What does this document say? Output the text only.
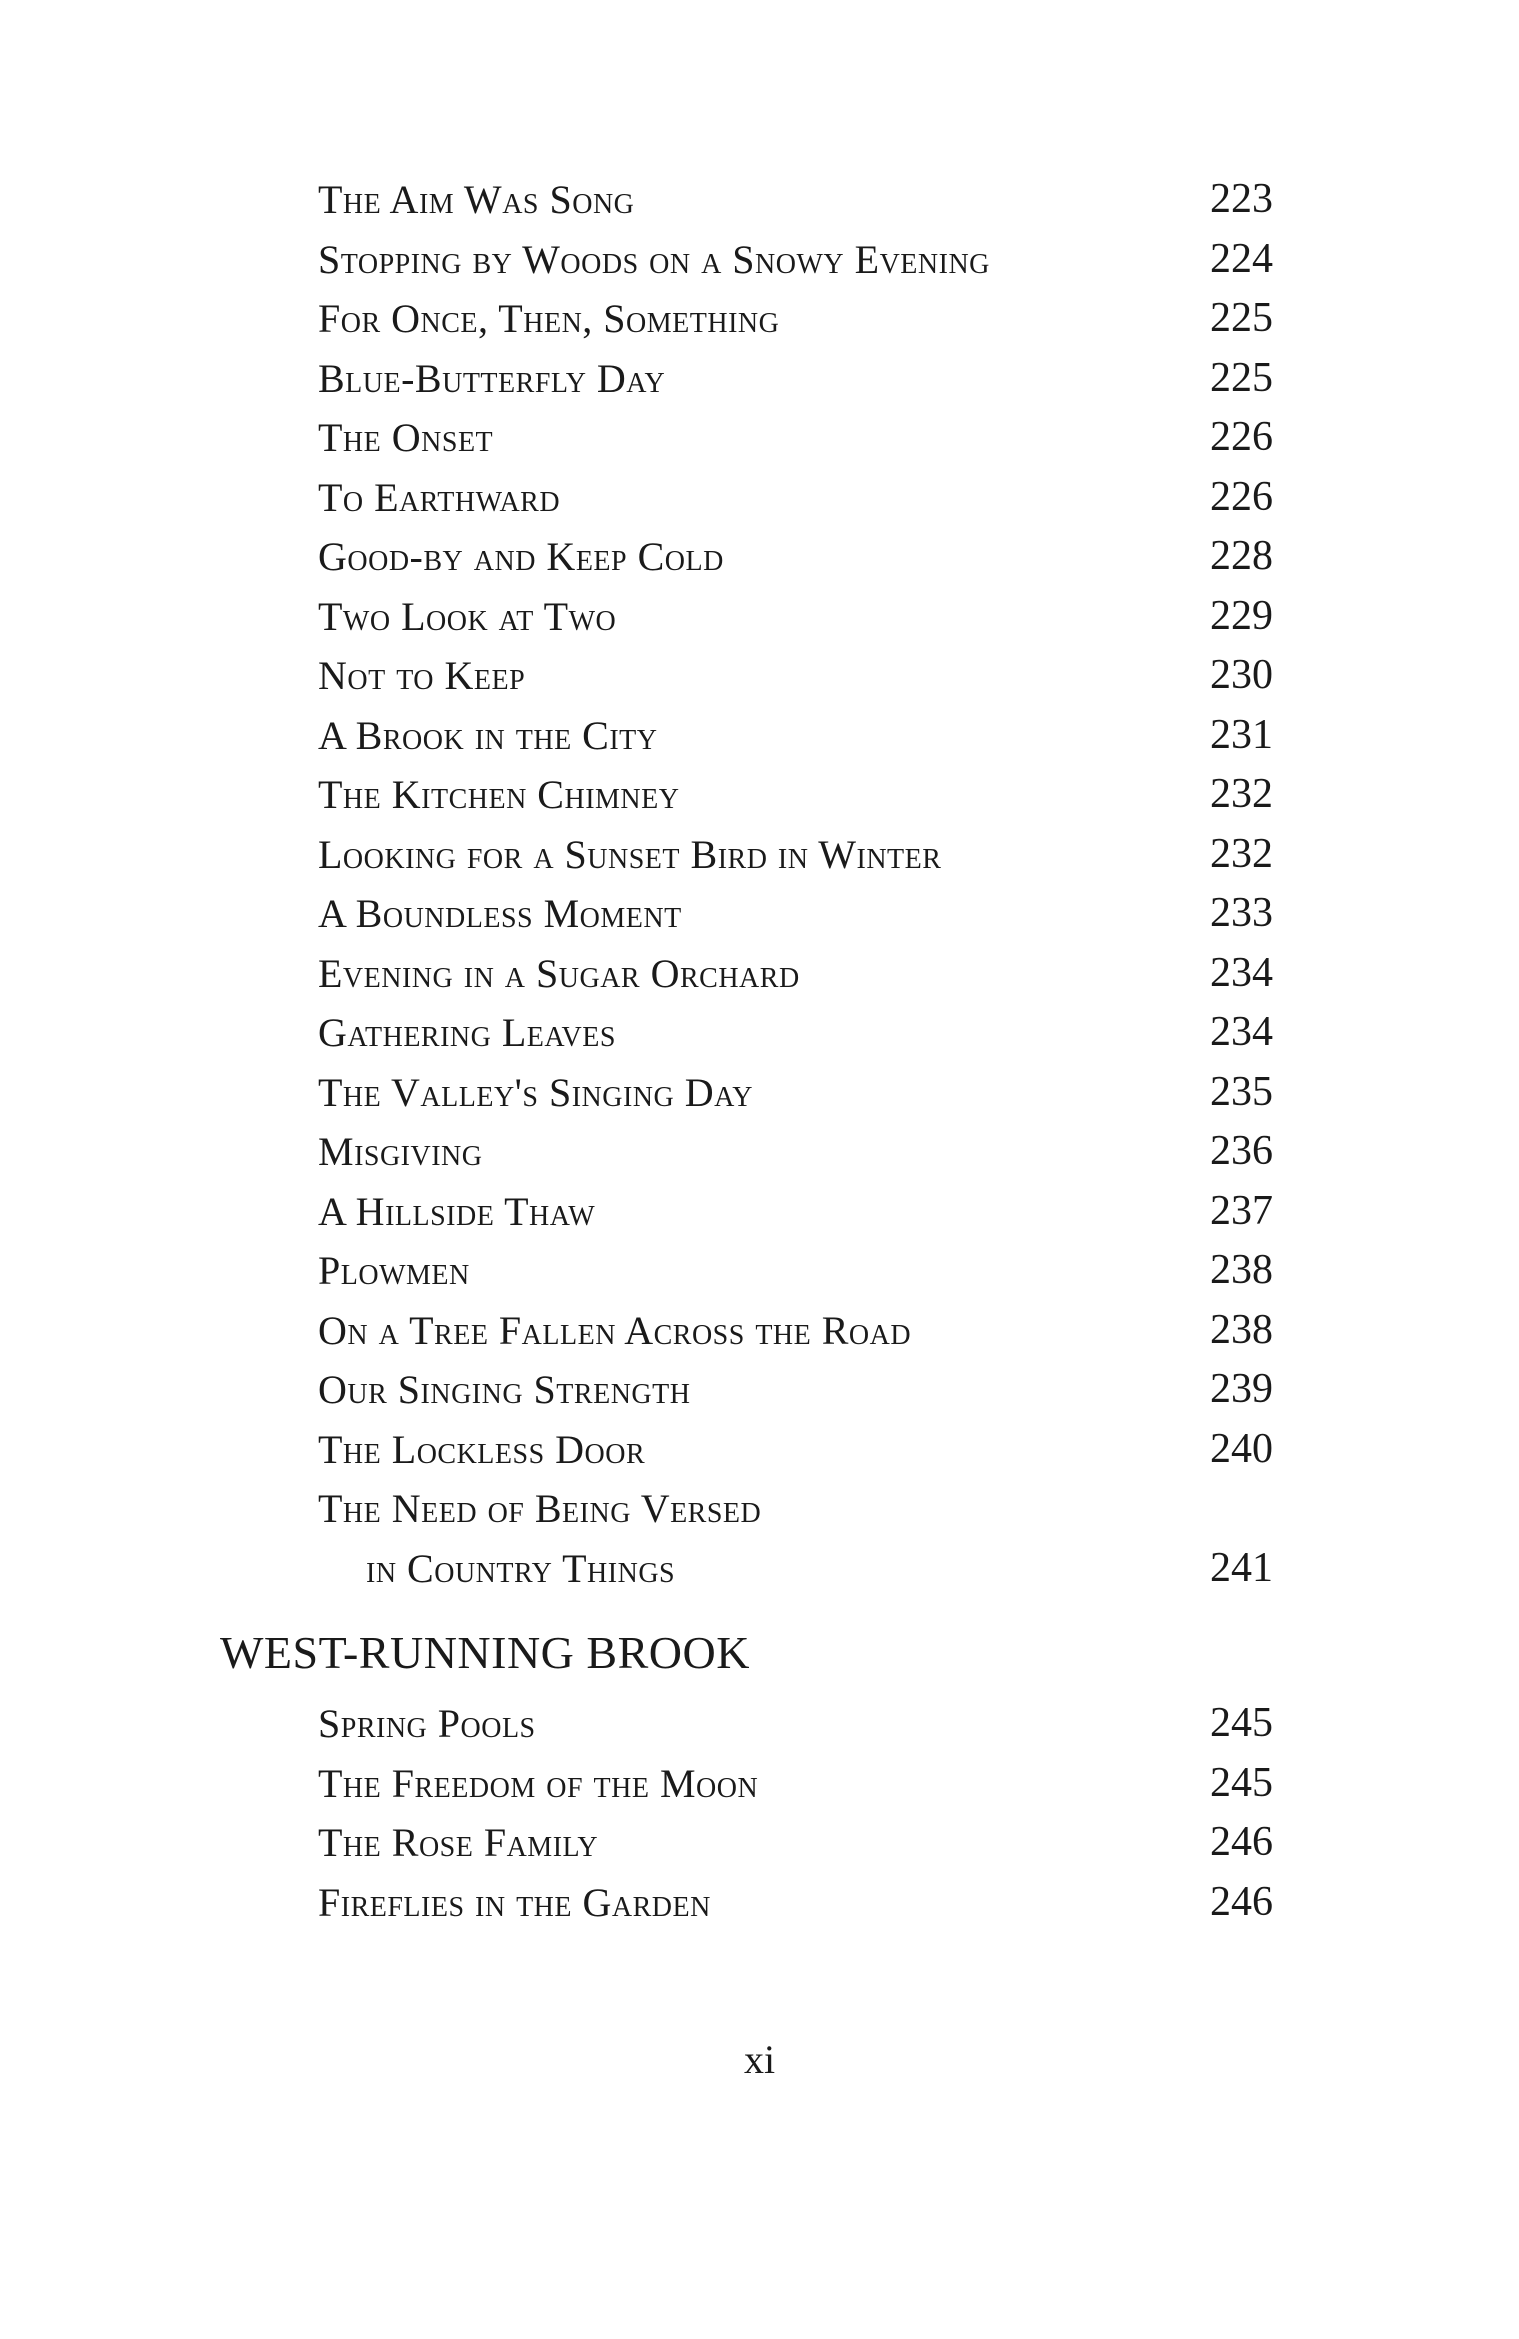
The Aim Was Song	223
Stopping by Woods on a Snowy Evening	224
For Once, Then, Something	225
Blue-Butterfly Day	225
The Onset	226
To Earthward	226
Good-by and Keep Cold	228
Two Look at Two	229
Not to Keep	230
A Brook in the City	231
The Kitchen Chimney	232
Looking for a Sunset Bird in Winter	232
A Boundless Moment	233
Evening in a Sugar Orchard	234
Gathering Leaves	234
The Valley's Singing Day	235
Misgiving	236
A Hillside Thaw	237
Plowmen	238
On a Tree Fallen Across the Road	238
Our Singing Strength	239
The Lockless Door	240
The Need of Being Versed
in Country Things	241
WEST-RUNNING BROOK
Spring Pools	245
The Freedom of the Moon	245
The Rose Family	246
Fireflies in the Garden	246
xi
